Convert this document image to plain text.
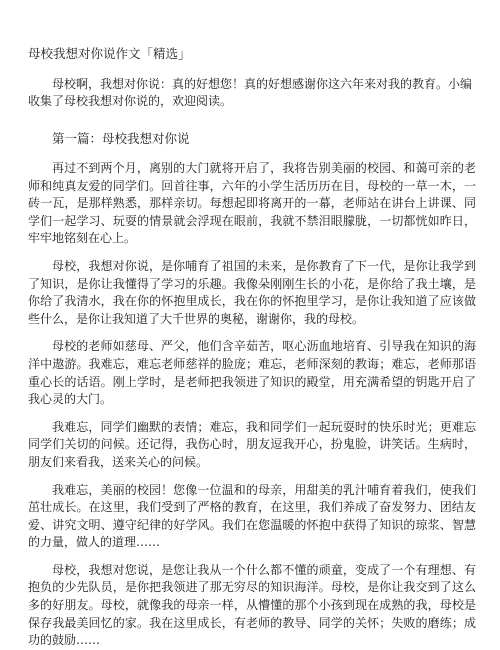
母校我想对你说作文「精选」

母校啊，我想对你说：真的好想您！真的好想感谢你这六年来对我的教育。小编收集了母校我想对你说的，欢迎阅读。

第一篇：母校我想对你说

再过不到两个月，离别的大门就将开启了，我将告别美丽的校园、和蔼可亲的老师和纯真友爱的同学们。回首往事，六年的小学生活历历在目，母校的一草一木，一砖一瓦，是那样熟悉，那样亲切。每想起即将离开的一幕，老师站在讲台上讲课、同学们一起学习、玩耍的情景就会浮现在眼前，我就不禁泪眼朦胧，一切都恍如昨日，牢牢地铭刻在心上。

母校，我想对你说，是你哺育了祖国的未来，是你教育了下一代，是你让我学到了知识，是你让我懂得了学习的乐趣。我像朵刚刚生长的小花，是你给了我土壤，是你给了我清水，我在你的怀抱里成长，我在你的怀抱里学习，是你让我知道了应该做些什么，是你让我知道了大千世界的奥秘，谢谢你，我的母校。

母校的老师如慈母、严父，他们含辛茹苦，呕心沥血地培育、引导我在知识的海洋中遨游。我难忘，难忘老师慈祥的脸庞；难忘，老师深刻的教诲；难忘，老师那语重心长的话语。刚上学时，是老师把我领进了知识的殿堂，用充满希望的钥匙开启了我心灵的大门。

我难忘，同学们幽默的表情；难忘，我和同学们一起玩耍时的快乐时光；更难忘同学们关切的问候。还记得，我伤心时，朋友逗我开心，扮鬼脸，讲笑话。生病时，朋友们来看我，送来关心的问候。

我难忘，美丽的校园！您像一位温和的母亲，用甜美的乳汁哺育着我们，使我们茁壮成长。在这里，我们受到了严格的教育，在这里，我们养成了奋发努力、团结友爱、讲究文明、遵守纪律的好学风。我们在您温暖的怀抱中获得了知识的琼浆、智慧的力量，做人的道理……

母校，我想对您说，是您让我从一个什么都不懂的顽童，变成了一个有理想、有抱负的少先队员，是你把我领进了那无穷尽的知识海洋。母校，是你让我交到了这么多的好朋友。母校，就像我的母亲一样，从懵懂的那个小孩到现在成熟的我，母校是保存我最美回忆的家。我在这里成长，有老师的教导、同学的关怀；失败的磨练；成功的鼓励……
